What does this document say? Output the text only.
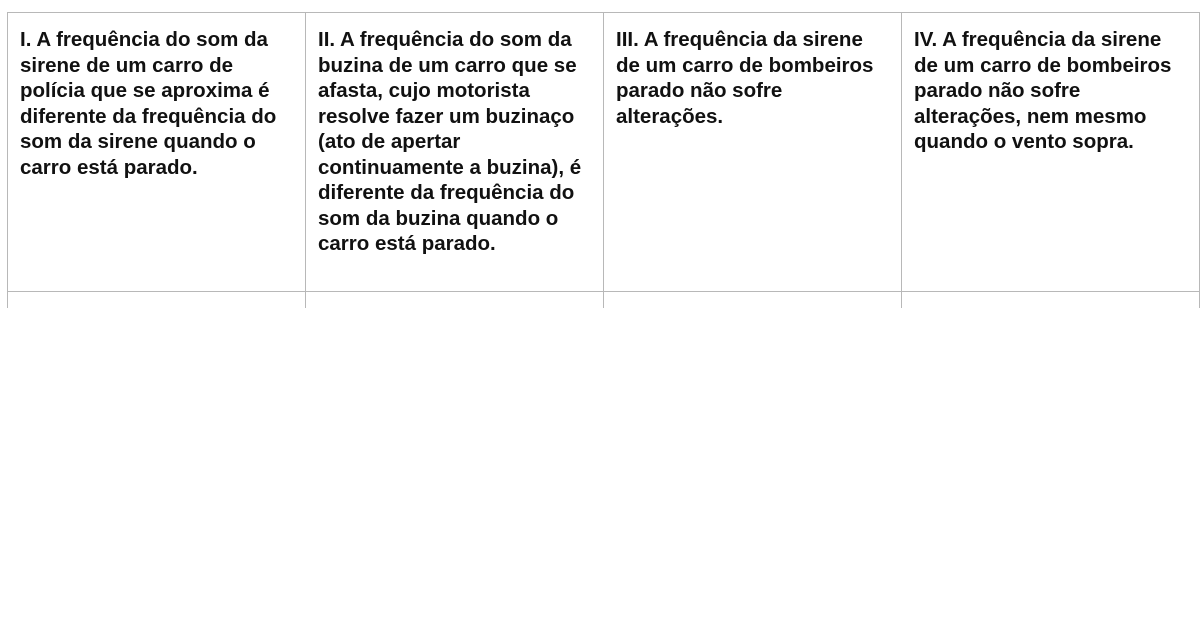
I. A frequência do som da sirene de um carro de polícia que se aproxima é diferente da frequência do som da sirene quando o carro está parado.	II. A frequência do som da buzina de um carro que se afasta, cujo motorista resolve fazer um buzinaço (ato de apertar continuamente a buzina), é diferente da frequência do som da buzina quando o carro está parado.	III. A frequência da sirene de um carro de bombeiros parado não sofre alterações.	IV. A frequência da sirene de um carro de bombeiros parado não sofre alterações, nem mesmo quando o vento sopra.
